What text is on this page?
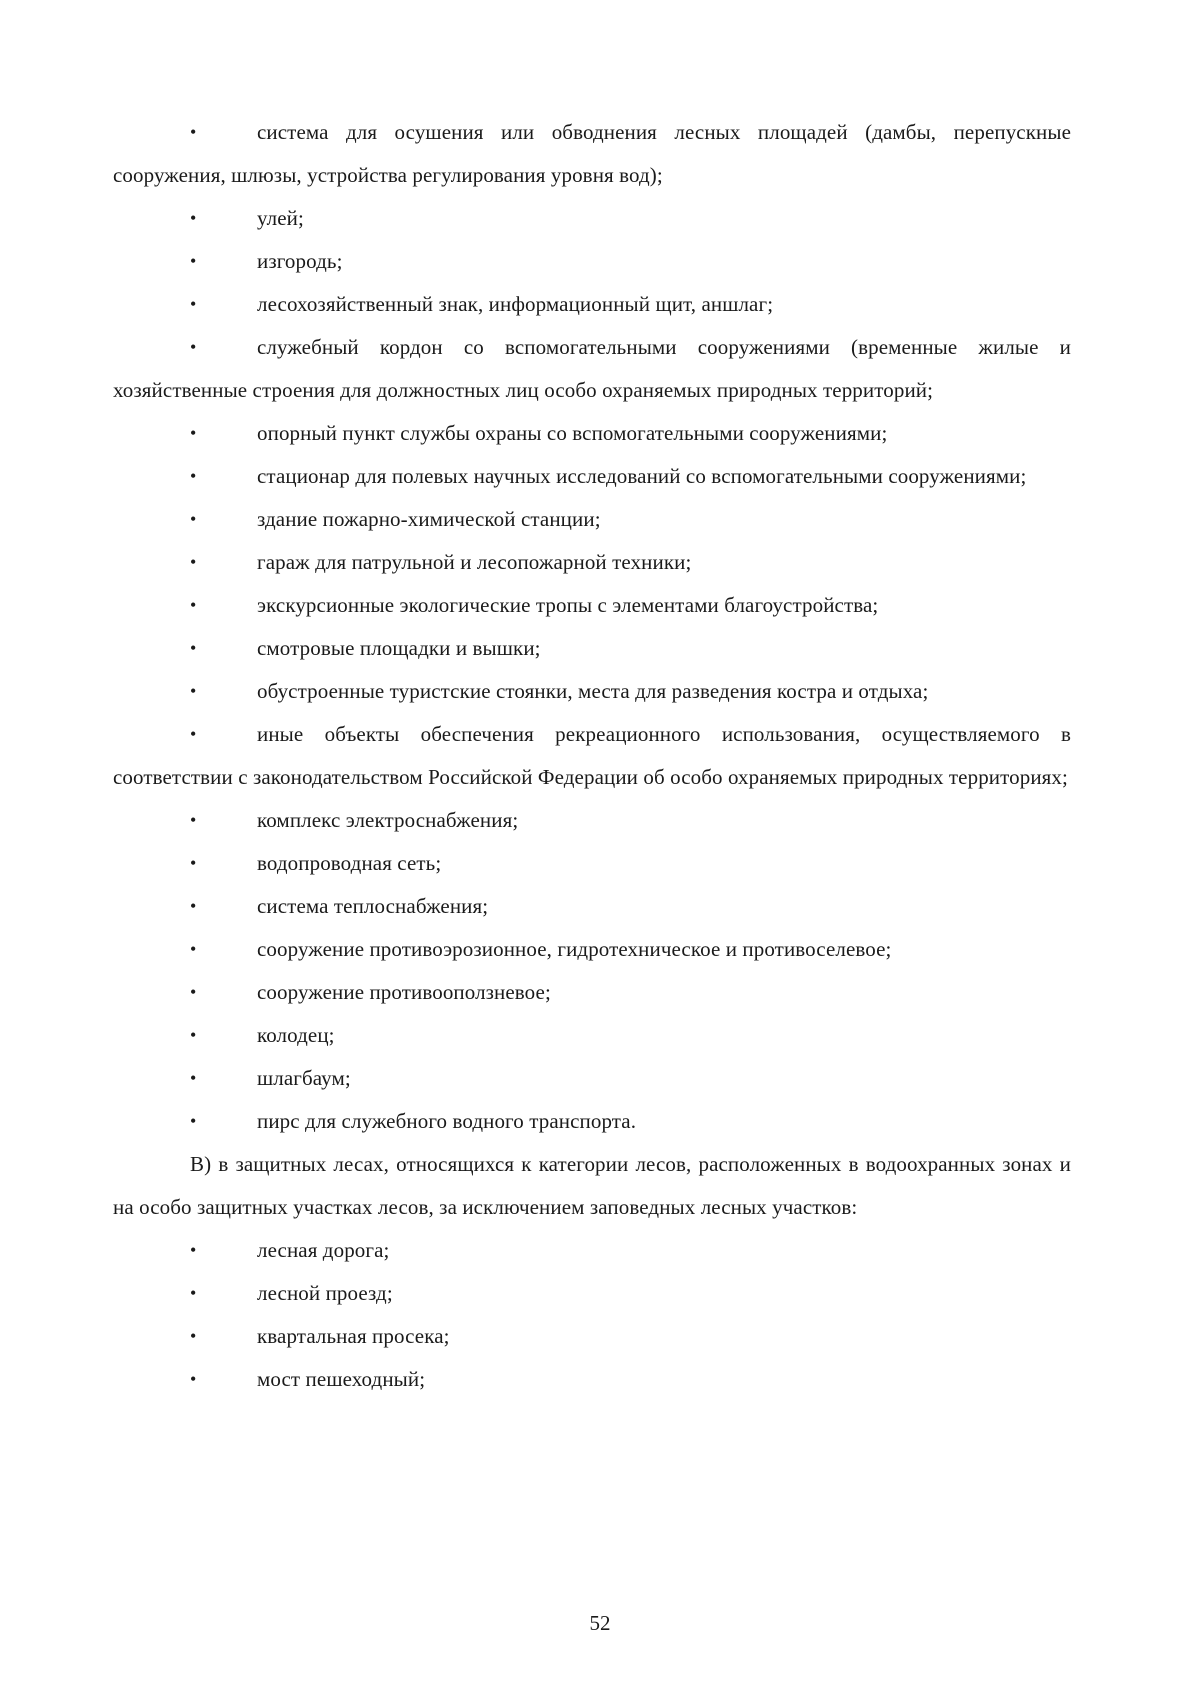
•	система для осушения или обводнения лесных площадей (дамбы, перепускные сооружения, шлюзы, устройства регулирования уровня вод);

•	улей;

•	изгородь;

•	лесохозяйственный знак, информационный щит, аншлаг;

•	служебный кордон со вспомогательными сооружениями (временные жилые и хозяйственные строения для должностных лиц особо охраняемых природных территорий;

•	опорный пункт службы охраны со вспомогательными сооружениями;

•	стационар для полевых научных исследований со вспомогательными сооружениями;

•	здание пожарно-химической станции;

•	гараж для патрульной и лесопожарной техники;

•	экскурсионные экологические тропы с элементами благоустройства;

•	смотровые площадки и вышки;

•	обустроенные туристские стоянки, места для разведения костра и отдыха;

•	иные объекты обеспечения рекреационного использования, осуществляемого в соответствии с законодательством Российской Федерации об особо охраняемых природных территориях;

•	комплекс электроснабжения;

•	водопроводная сеть;

•	система теплоснабжения;

•	сооружение противоэрозионное, гидротехническое и противоселевое;

•	сооружение противооползневое;

•	колодец;

•	шлагбаум;

•	пирс для служебного водного транспорта.

В) в защитных лесах, относящихся к категории лесов, расположенных в водоохранных зонах и на особо защитных участках лесов, за исключением заповедных лесных участков:

•	лесная дорога;

•	лесной проезд;

•	квартальная просека;

•	мост пешеходный;

52
